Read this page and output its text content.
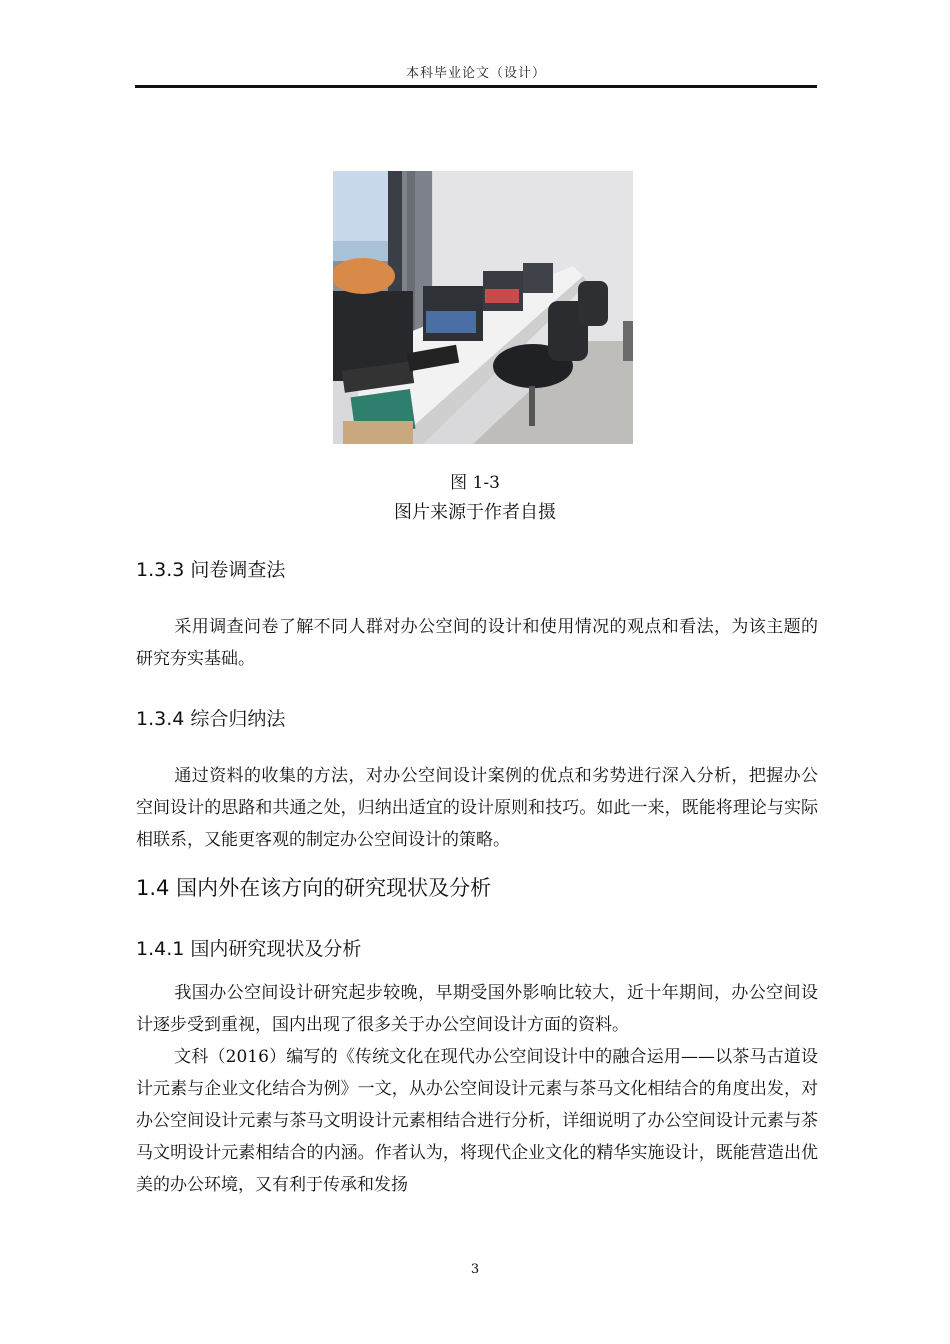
本科毕业论文（设计）
图 1-3
图片来源于作者自摄
1.3.3 问卷调查法

采用调查问卷了解不同人群对办公空间的设计和使用情况的观点和看法，为该主题的研究夯实基础。

1.3.4 综合归纳法

通过资料的收集的方法，对办公空间设计案例的优点和劣势进行深入分析，把握办公空间设计的思路和共通之处，归纳出适宜的设计原则和技巧。如此一来，既能将理论与实际相联系，又能更客观的制定办公空间设计的策略。

1.4 国内外在该方向的研究现状及分析
1.4.1 国内研究现状及分析

我国办公空间设计研究起步较晚，早期受国外影响比较大，近十年期间，办公空间设计逐步受到重视，国内出现了很多关于办公空间设计方面的资料。

文科（2016）编写的《传统文化在现代办公空间设计中的融合运用——以茶马古道设计元素与企业文化结合为例》一文，从办公空间设计元素与茶马文化相结合的角度出发，对办公空间设计元素与茶马文明设计元素相结合进行分析，详细说明了办公空间设计元素与茶马文明设计元素相结合的内涵。作者认为，将现代企业文化的精华实施设计，既能营造出优美的办公环境，又有利于传承和发扬

3
